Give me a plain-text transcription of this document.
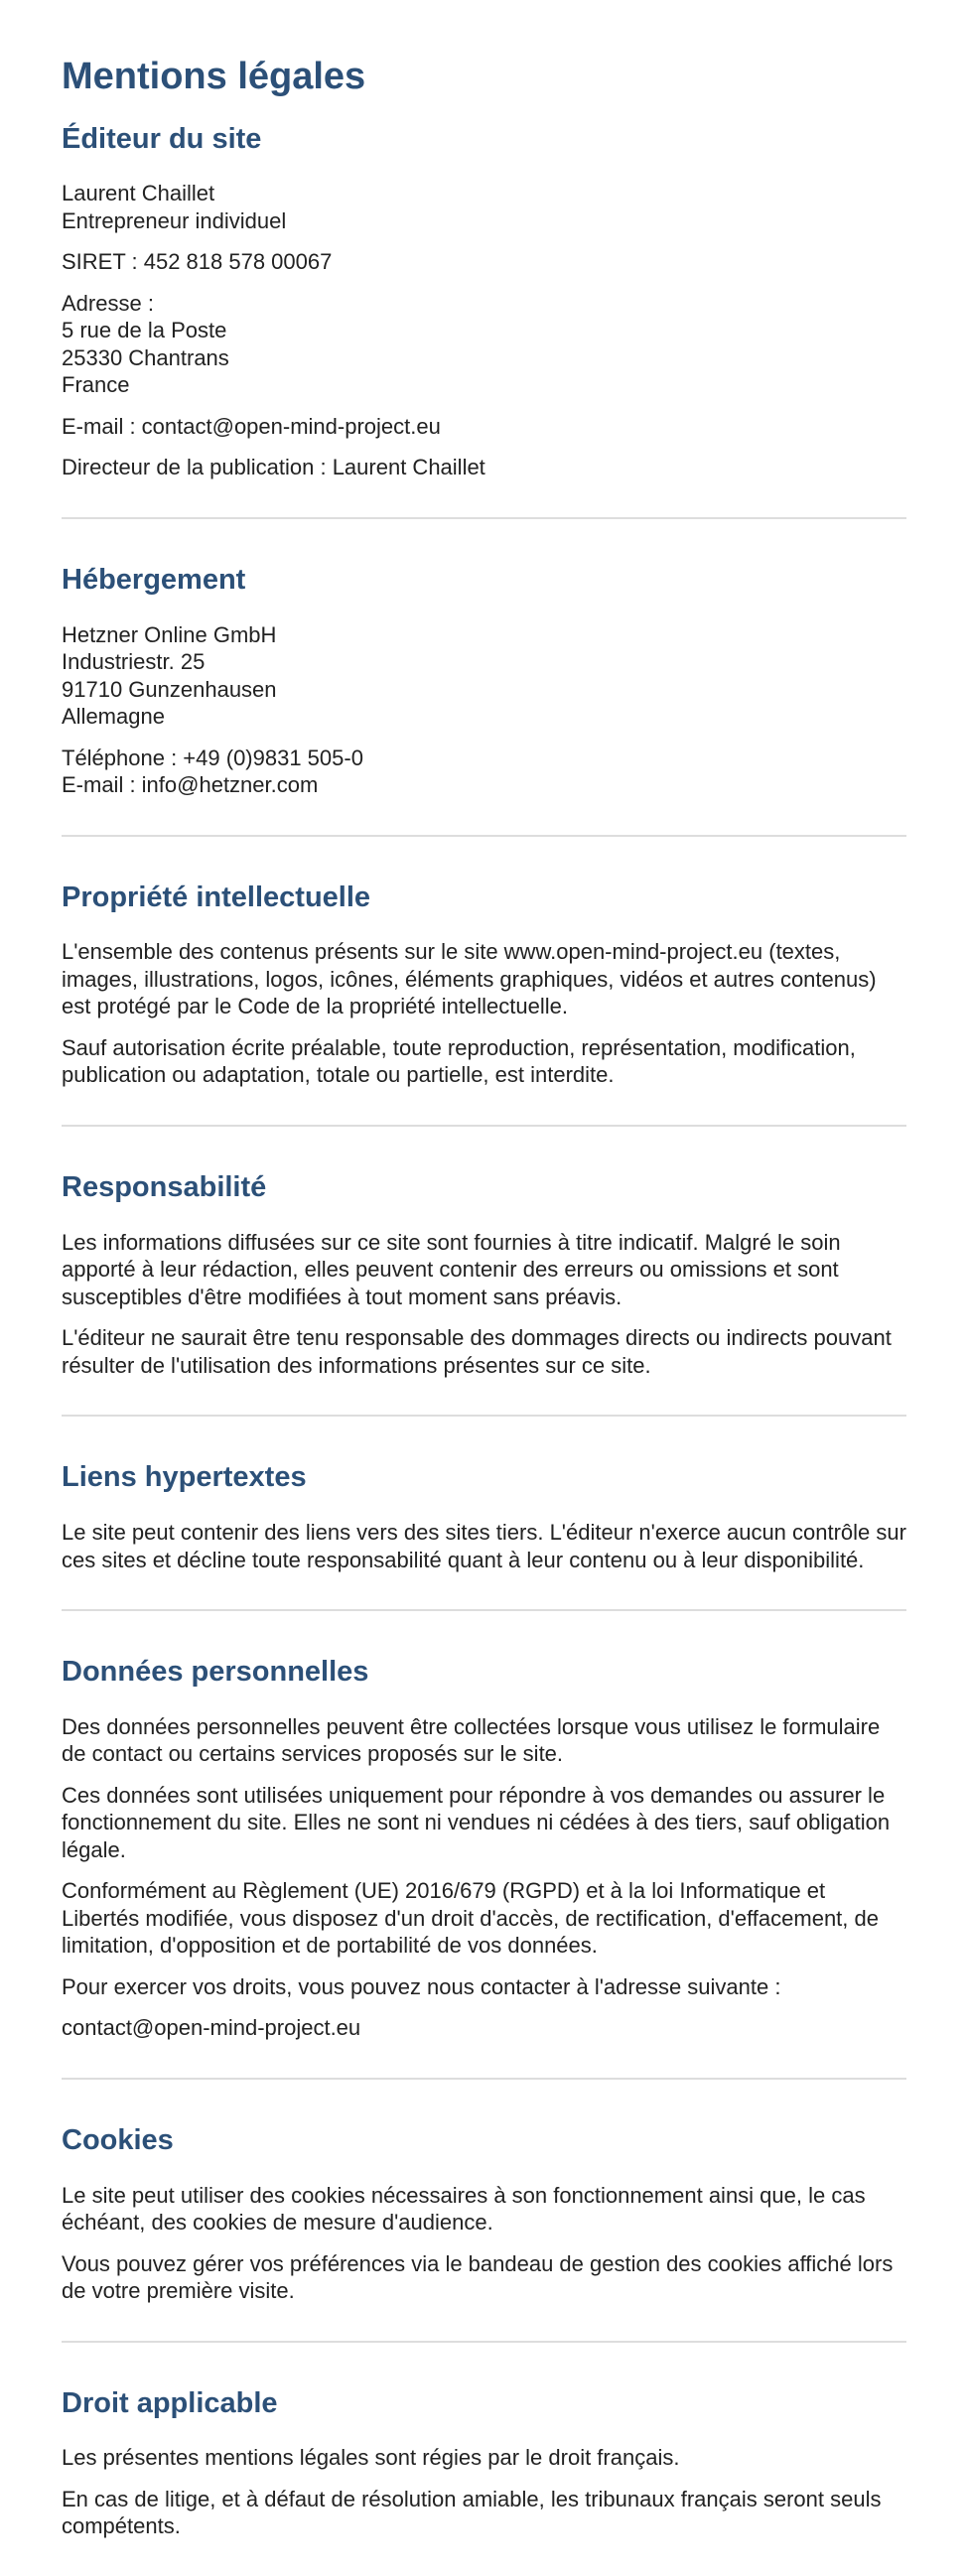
Mentions légales
Éditeur du site

Laurent Chaillet
Entrepreneur individuel

SIRET : 452 818 578 00067

Adresse :
5 rue de la Poste
25330 Chantrans
France

E-mail : contact@open-mind-project.eu

Directeur de la publication : Laurent Chaillet

Hébergement

Hetzner Online GmbH
Industriestr. 25
91710 Gunzenhausen
Allemagne

Téléphone : +49 (0)9831 505-0
E-mail : info@hetzner.com

Propriété intellectuelle

L'ensemble des contenus présents sur le site www.open-mind-project.eu (textes, images, illustrations, logos, icônes, éléments graphiques, vidéos et autres contenus) est protégé par le Code de la propriété intellectuelle.

Sauf autorisation écrite préalable, toute reproduction, représentation, modification, publication ou adaptation, totale ou partielle, est interdite.

Responsabilité

Les informations diffusées sur ce site sont fournies à titre indicatif. Malgré le soin apporté à leur rédaction, elles peuvent contenir des erreurs ou omissions et sont susceptibles d'être modifiées à tout moment sans préavis.

L'éditeur ne saurait être tenu responsable des dommages directs ou indirects pouvant résulter de l'utilisation des informations présentes sur ce site.

Liens hypertextes

Le site peut contenir des liens vers des sites tiers. L'éditeur n'exerce aucun contrôle sur ces sites et décline toute responsabilité quant à leur contenu ou à leur disponibilité.

Données personnelles

Des données personnelles peuvent être collectées lorsque vous utilisez le formulaire de contact ou certains services proposés sur le site.

Ces données sont utilisées uniquement pour répondre à vos demandes ou assurer le fonctionnement du site. Elles ne sont ni vendues ni cédées à des tiers, sauf obligation légale.

Conformément au Règlement (UE) 2016/679 (RGPD) et à la loi Informatique et Libertés modifiée, vous disposez d'un droit d'accès, de rectification, d'effacement, de limitation, d'opposition et de portabilité de vos données.

Pour exercer vos droits, vous pouvez nous contacter à l'adresse suivante :

contact@open-mind-project.eu

Cookies

Le site peut utiliser des cookies nécessaires à son fonctionnement ainsi que, le cas échéant, des cookies de mesure d'audience.

Vous pouvez gérer vos préférences via le bandeau de gestion des cookies affiché lors de votre première visite.

Droit applicable

Les présentes mentions légales sont régies par le droit français.

En cas de litige, et à défaut de résolution amiable, les tribunaux français seront seuls compétents.
